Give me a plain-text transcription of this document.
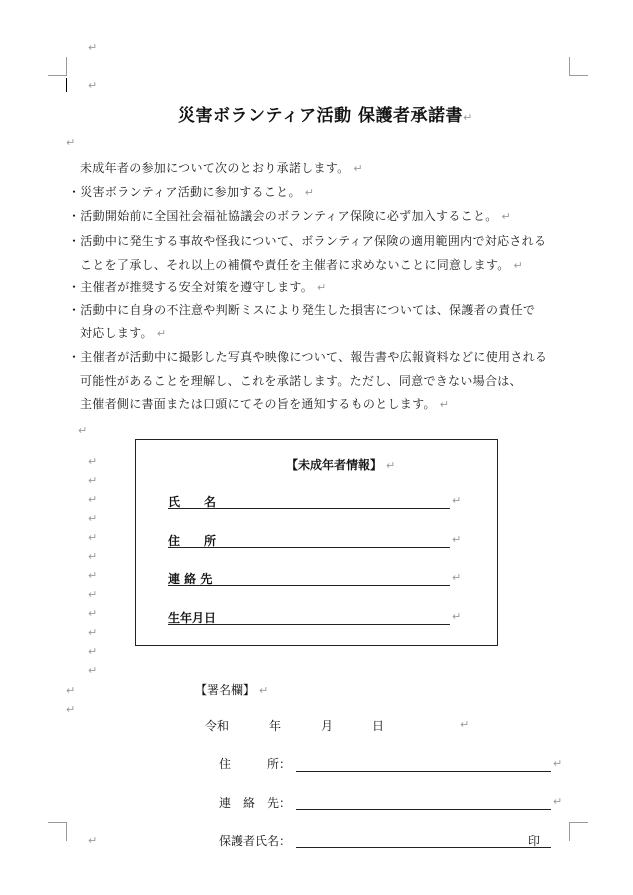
↵
↵
↵
↵
災害ボランティア活動 保護者承諾書↵
未成年者の参加について次のとおり承諾します。 ↵
・災害ボランティア活動に参加すること。 ↵
・活動開始前に全国社会福祉協議会のボランティア保険に必ず加入すること。 ↵
・活動中に発生する事故や怪我について、ボランティア保険の適用範囲内で対応される
ことを了承し、それ以上の補償や責任を主催者に求めないことに同意します。 ↵
・主催者が推奨する安全対策を遵守します。 ↵
・活動中に自身の不注意や判断ミスにより発生した損害については、保護者の責任で
対応します。 ↵
・主催者が活動中に撮影した写真や映像について、報告書や広報資料などに使用される
可能性があることを理解し、これを承諾します。ただし、同意できない場合は、
主催者側に書面または口頭にてその旨を通知するものとします。 ↵
↵
↵
↵
↵
↵
↵
↵
↵
↵
↵
↵
↵
【未成年者情報】 ↵
氏　　名	↵
住　　所	↵
連 絡 先	↵
生年月日	↵
↵
↵
【署名欄】 ↵
令和	年	月	日	↵
住　　　所：	↵
連　絡　先：	↵
保護者氏名：	印
↵
